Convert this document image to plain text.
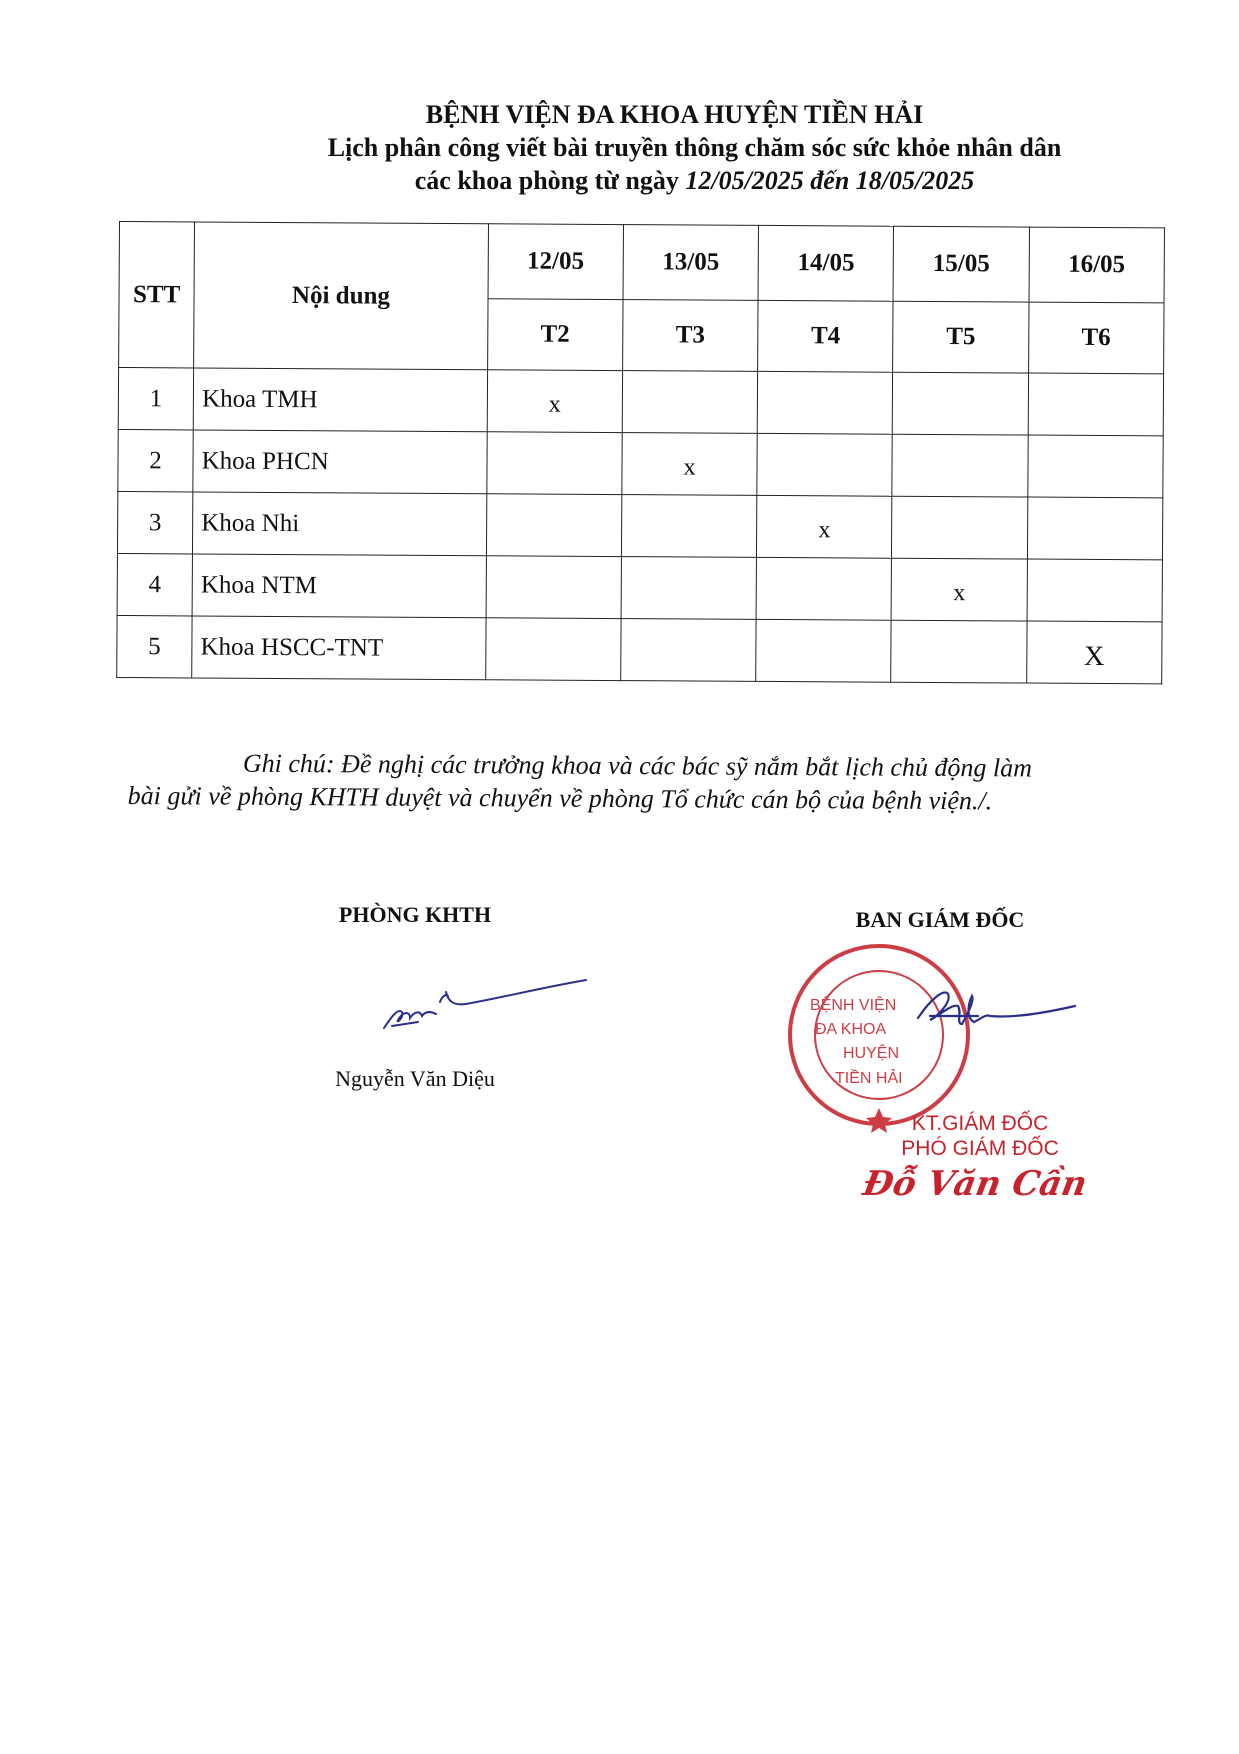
BỆNH VIỆN ĐA KHOA HUYỆN TIỀN HẢI
Lịch phân công viết bài truyền thông chăm sóc sức khỏe nhân dân
các khoa phòng từ ngày 12/05/2025 đến 18/05/2025
STT	Nội dung	12/05	13/05	14/05	15/05	16/05
		T2	T3	T4	T5	T6
1	Khoa TMH	x				
2	Khoa PHCN		x			
3	Khoa Nhi			x		
4	Khoa NTM				x	
5	Khoa HSCC-TNT					X
Ghi chú: Đề nghị các trưởng khoa và các bác sỹ nắm bắt lịch chủ động làm
bài gửi về phòng KHTH duyệt và chuyển về phòng Tổ chức cán bộ của bệnh viện./.
PHÒNG KHTH
Nguyễn Văn Diệu
BAN GIÁM ĐỐC
BỆNH VIỆN
ĐA KHOA
HUYỆN
TIỀN HẢI
KT.GIÁM ĐỐC
PHÓ GIÁM ĐỐC
Đỗ Văn Cần
